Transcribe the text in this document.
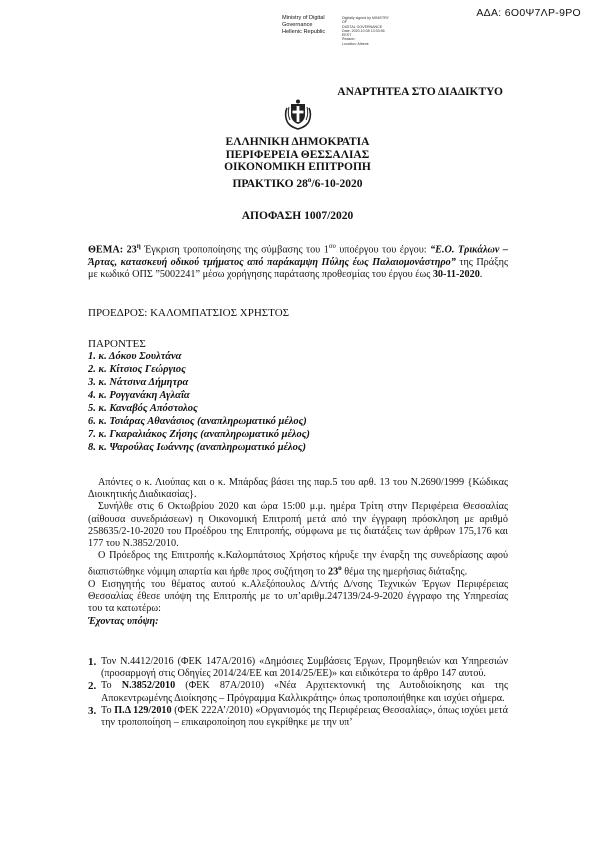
ΑΔΑ: 6Ο0Ψ7ΛΡ-9ΡΟ
Ministry of Digital
Governance
Hellenic Republic
Digitally signed by MINISTRY OF
DIGITAL GOVERNANCE
Date: 2020.10.08 13:33:56
EEST
Reason:
Location: Athens
ΑΝΑΡΤΗΤΕΑ ΣΤΟ ΔΙΑΔΙΚΤΥΟ
ΕΛΛΗΝΙΚΗ ΔΗΜΟΚΡΑΤΙΑ
ΠΕΡΙΦΕΡΕΙΑ ΘΕΣΣΑΛΙΑΣ
ΟΙΚΟΝΟΜΙΚΗ ΕΠΙΤΡΟΠΗ
ΠΡΑΚΤΙΚΟ $28^o/6-10-2020$
ΑΠΟΦΑΣΗ 1007/2020
ΘΕΜΑ: $23^\eta$ Έγκριση τροποποίησης της σύμβασης του $1^{o\upsilon}$ υποέργου του έργου: “Ε.Ο. Τρικάλων – Άρτας, κατασκευή οδικού τμήματος από παράκαμψη Πύλης έως Παλαιομονάστηρο” της Πράξης με κωδικό ΟΠΣ ”5002241” μέσω χορήγησης παράτασης προθεσμίας του έργου έως 30-11-2020.
ΠΡΟΕΔΡΟΣ: ΚΑΛΟΜΠΑΤΣΙΟΣ ΧΡΗΣΤΟΣ
ΠΑΡΟΝΤΕΣ
1. κ. Δόκου Σουλτάνα
2. κ. Κίτσιος Γεώργιος
3. κ. Νάτσινα Δήμητρα
4. κ. Ρογγανάκη Αγλαΐα
5. κ. Καναβός Απόστολος
6. κ. Τσιάρας Αθανάσιος (αναπληρωματικό μέλος)
7. κ. Γκαραλιάκος Ζήσης (αναπληρωματικό μέλος)
8. κ. Ψαρούλας Ιωάννης (αναπληρωματικό μέλος)
Απόντες ο κ. Λιούπας και ο κ. Μπάρδας βάσει της παρ.5 του αρθ. 13 του Ν.2690/1999 {Κώδικας Διοικητικής Διαδικασίας}.
Συνήλθε στις 6 Οκτωβρίου 2020 και ώρα 15:00 μ.μ. ημέρα Τρίτη στην Περιφέρεια Θεσσαλίας (αίθουσα συνεδριάσεων) η Οικονομική Επιτροπή μετά από την έγγραφη πρόσκληση με αριθμό 258635/2-10-2020 του Προέδρου της Επιτροπής, σύμφωνα με τις διατάξεις των άρθρων 175,176 και 177 του Ν.3852/2010.
Ο Πρόεδρος της Επιτροπής κ.Καλομπάτσιος Χρήστος κήρυξε την έναρξη της συνεδρίασης αφού διαπιστώθηκε νόμιμη απαρτία και ήρθε προς συζήτηση το $23^o$ θέμα της ημερήσιας διάταξης.
Ο Εισηγητής του θέματος αυτού κ.Αλεξόπουλος Δ/ντής Δ/νσης Τεχνικών Έργων Περιφέρειας Θεσσαλίας έθεσε υπόψη της Επιτροπής με το υπ’αριθμ.247139/24-9-2020 έγγραφο της Υπηρεσίας του τα κατωτέρω:
Έχοντας υπόψη:
1. Τον Ν.4412/2016 (ΦΕΚ 147Α/2016) «Δημόσιες Συμβάσεις Έργων, Προμηθειών και Υπηρεσιών (προσαρμογή στις Οδηγίες 2014/24/ΕΕ και 2014/25/ΕΕ)» και ειδικότερα το άρθρο 147 αυτού.
2. Το Ν.3852/2010 (ΦΕΚ 87Α/2010) «Νέα Αρχιτεκτονική της Αυτοδιοίκησης και της Αποκεντρωμένης Διοίκησης – Πρόγραμμα Καλλικράτης» όπως τροποποιήθηκε και ισχύει σήμερα.
3. Το Π.Δ 129/2010 (ΦΕΚ 222Α’/2010) «Οργανισμός της Περιφέρειας Θεσσαλίας», όπως ισχύει μετά την τροποποίηση – επικαιροποίηση που εγκρίθηκε με την υπ’
